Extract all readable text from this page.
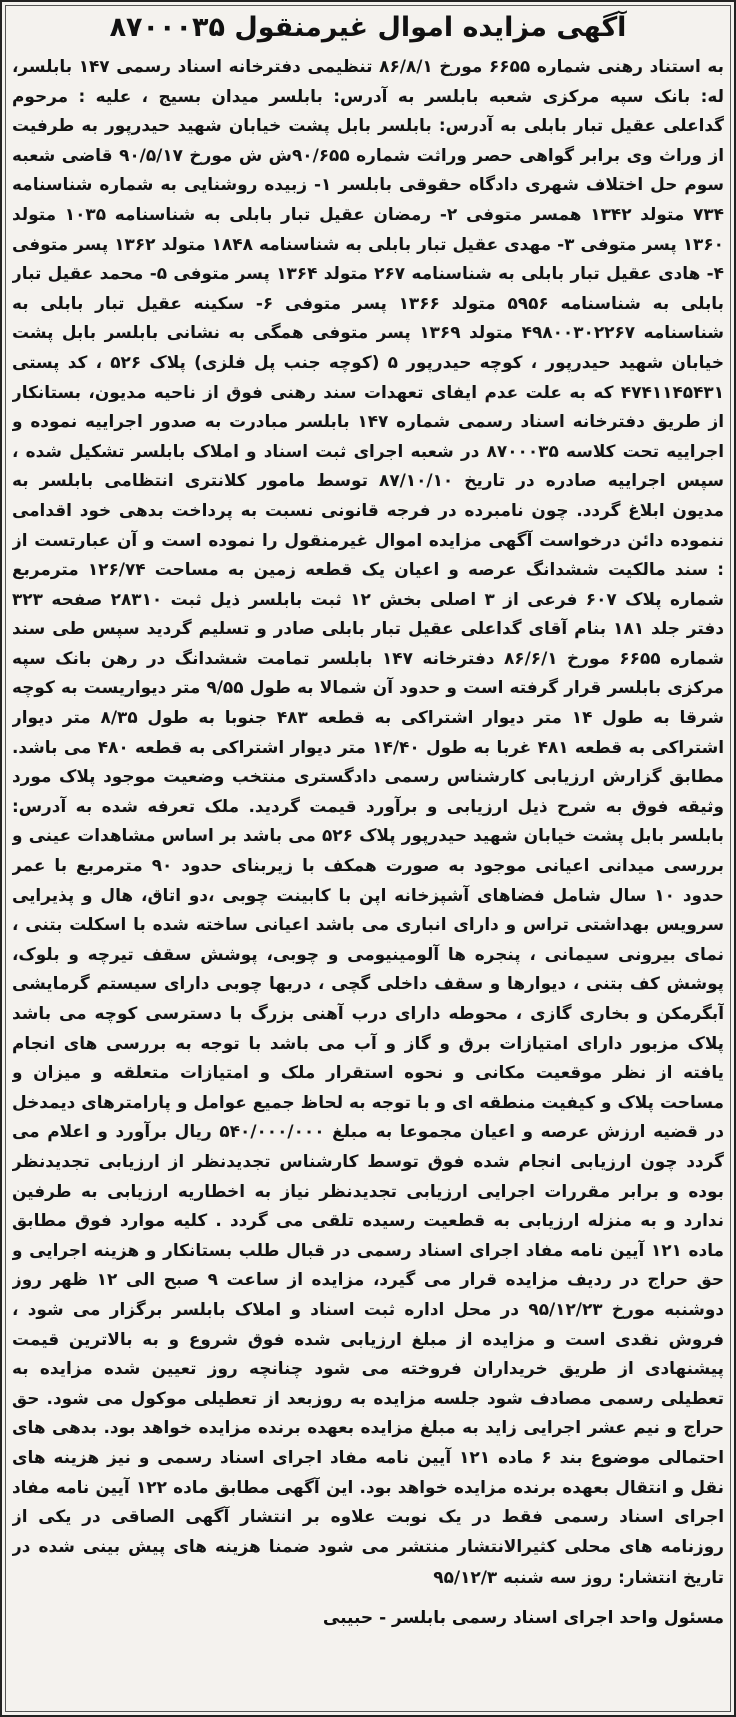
آگهی مزایده اموال غیرمنقول ۸۷۰۰۰۳۵

به استناد رهنی شماره ۶۶۵۵ مورخ ۸۶/۸/۱ تنظیمی دفترخانه اسناد رسمی ۱۴۷ بابلسر، له: بانک سپه مرکزی شعبه بابلسر به آدرس: بابلسر میدان بسیج ، علیه : مرحوم گداعلی عقیل تبار بابلی به آدرس: بابلسر بابل پشت خیابان شهید حیدرپور به طرفیت از وراث وی برابر گواهی حصر وراثت شماره ۹۰/۶۵۵ش ش مورخ ۹۰/۵/۱۷ قاضی شعبه سوم حل اختلاف شهری دادگاه حقوقی بابلسر ۱- زبیده روشنایی به شماره شناسنامه ۷۳۴ متولد ۱۳۴۲ همسر متوفی ۲- رمضان عقیل تبار بابلی به شناسنامه ۱۰۳۵ متولد ۱۳۶۰ پسر متوفی ۳- مهدی عقیل تبار بابلی به شناسنامه ۱۸۴۸ متولد ۱۳۶۲ پسر متوفی ۴- هادی عقیل تبار بابلی به شناسنامه ۲۶۷ متولد ۱۳۶۴ پسر متوفی ۵- محمد عقیل تبار بابلی به شناسنامه ۵۹۵۶ متولد ۱۳۶۶ پسر متوفی ۶- سکینه عقیل تبار بابلی به شناسنامه ۴۹۸۰۰۳۰۲۲۶۷ متولد ۱۳۶۹ پسر متوفی همگی به نشانی بابلسر بابل پشت خیابان شهید حیدرپور ، کوچه حیدرپور ۵ (کوچه جنب پل فلزی) پلاک ۵۲۶ ، کد پستی ۴۷۴۱۱۴۵۴۳۱ که به علت عدم ایفای تعهدات سند رهنی فوق از ناحیه مدیون، بستانکار از طریق دفترخانه اسناد رسمی شماره ۱۴۷ بابلسر مبادرت به صدور اجراییه نموده و اجراییه تحت کلاسه ۸۷۰۰۰۳۵ در شعبه اجرای ثبت اسناد و املاک بابلسر تشکیل شده ، سپس اجراییه صادره در تاریخ ۸۷/۱۰/۱۰ توسط مامور کلانتری انتظامی بابلسر به مدیون ابلاغ گردد. چون نامبرده در فرجه قانونی نسبت به پرداخت بدهی خود اقدامی ننموده دائن درخواست آگهی مزایده اموال غیرمنقول را نموده است و آن عبارتست از : سند مالکیت ششدانگ عرصه و اعیان یک قطعه زمین به مساحت ۱۲۶/۷۴ مترمربع شماره پلاک ۶۰۷ فرعی از ۳ اصلی بخش ۱۲ ثبت بابلسر ذیل ثبت ۲۸۳۱۰ صفحه ۳۲۳ دفتر جلد ۱۸۱ بنام آقای گداعلی عقیل تبار بابلی صادر و تسلیم گردید سپس طی سند شماره ۶۶۵۵ مورخ ۸۶/۶/۱ دفترخانه ۱۴۷ بابلسر تمامت ششدانگ در رهن بانک سپه مرکزی بابلسر قرار گرفته است و حدود آن شمالا به طول ۹/۵۵ متر دیواریست به کوچه شرقا به طول ۱۴ متر دیوار اشتراکی به قطعه ۴۸۳ جنوبا به طول ۸/۳۵ متر دیوار اشتراکی به قطعه ۴۸۱ غربا به طول ۱۴/۴۰ متر دیوار اشتراکی به قطعه ۴۸۰ می باشد. مطابق گزارش ارزیابی کارشناس رسمی دادگستری منتخب وضعیت موجود پلاک مورد وثیقه فوق به شرح ذیل ارزیابی و برآورد قیمت گردید. ملک تعرفه شده به آدرس: بابلسر بابل پشت خیابان شهید حیدرپور پلاک ۵۲۶ می باشد بر اساس مشاهدات عینی و بررسی میدانی اعیانی موجود به صورت همکف با زیربنای حدود ۹۰ مترمربع با عمر حدود ۱۰ سال شامل فضاهای آشپزخانه اپن با کابینت چوبی ،دو اتاق، هال و پذیرایی سرویس بهداشتی تراس و دارای انباری می باشد اعیانی ساخته شده با اسکلت بتنی ، نمای بیرونی سیمانی ، پنجره ها آلومینیومی و چوبی، پوشش سقف تیرچه و بلوک، پوشش کف بتنی ، دیوارها و سقف داخلی گچی ، دربها چوبی دارای سیستم گرمایشی آبگرمکن و بخاری گازی ، محوطه دارای درب آهنی بزرگ با دسترسی کوچه می باشد پلاک مزبور دارای امتیازات برق و گاز و آب می باشد با توجه به بررسی های انجام یافته از نظر موقعیت مکانی و نحوه استقرار ملک و امتیازات متعلقه و میزان و مساحت پلاک و کیفیت منطقه ای و با توجه به لحاظ جمیع عوامل و پارامترهای دیمدخل در قضیه ارزش عرصه و اعیان مجموعا به مبلغ ۵۴۰/۰۰۰/۰۰۰ ریال برآورد و اعلام می گردد چون ارزیابی انجام شده فوق توسط کارشناس تجدیدنظر از ارزیابی تجدیدنظر بوده و برابر مقررات اجرایی ارزیابی تجدیدنظر نیاز به اخطاریه ارزیابی به طرفین ندارد و به منزله ارزیابی به قطعیت رسیده تلقی می گردد . کلیه موارد فوق مطابق ماده ۱۲۱ آیین نامه مفاد اجرای اسناد رسمی در قبال طلب بستانکار و هزینه اجرایی و حق حراج در ردیف مزایده قرار می گیرد، مزایده از ساعت ۹ صبح الی ۱۲ ظهر روز دوشنبه مورخ ۹۵/۱۲/۲۳ در محل اداره ثبت اسناد و املاک بابلسر برگزار می شود ، فروش نقدی است و مزایده از مبلغ ارزیابی شده فوق شروع و به بالاترین قیمت پیشنهادی از طریق خریداران فروخته می شود چنانچه روز تعیین شده مزایده به تعطیلی رسمی مصادف شود جلسه مزایده به روزبعد از تعطیلی موکول می شود. حق حراج و نیم عشر اجرایی زاید به مبلغ مزایده بعهده برنده مزایده خواهد بود. بدهی های احتمالی موضوع بند ۶ ماده ۱۲۱ آیین نامه مفاد اجرای اسناد رسمی و نیز هزینه های نقل و انتقال بعهده برنده مزایده خواهد بود. این آگهی مطابق ماده ۱۲۲ آیین نامه مفاد اجرای اسناد رسمی فقط در یک نوبت علاوه بر انتشار آگهی الصاقی در یکی از روزنامه های محلی کثیرالانتشار منتشر می شود ضمنا هزینه های پیش بینی شده در

تاریخ انتشار: روز سه شنبه ۹۵/۱۲/۳
مسئول واحد اجرای اسناد رسمی بابلسر - حبیبی
